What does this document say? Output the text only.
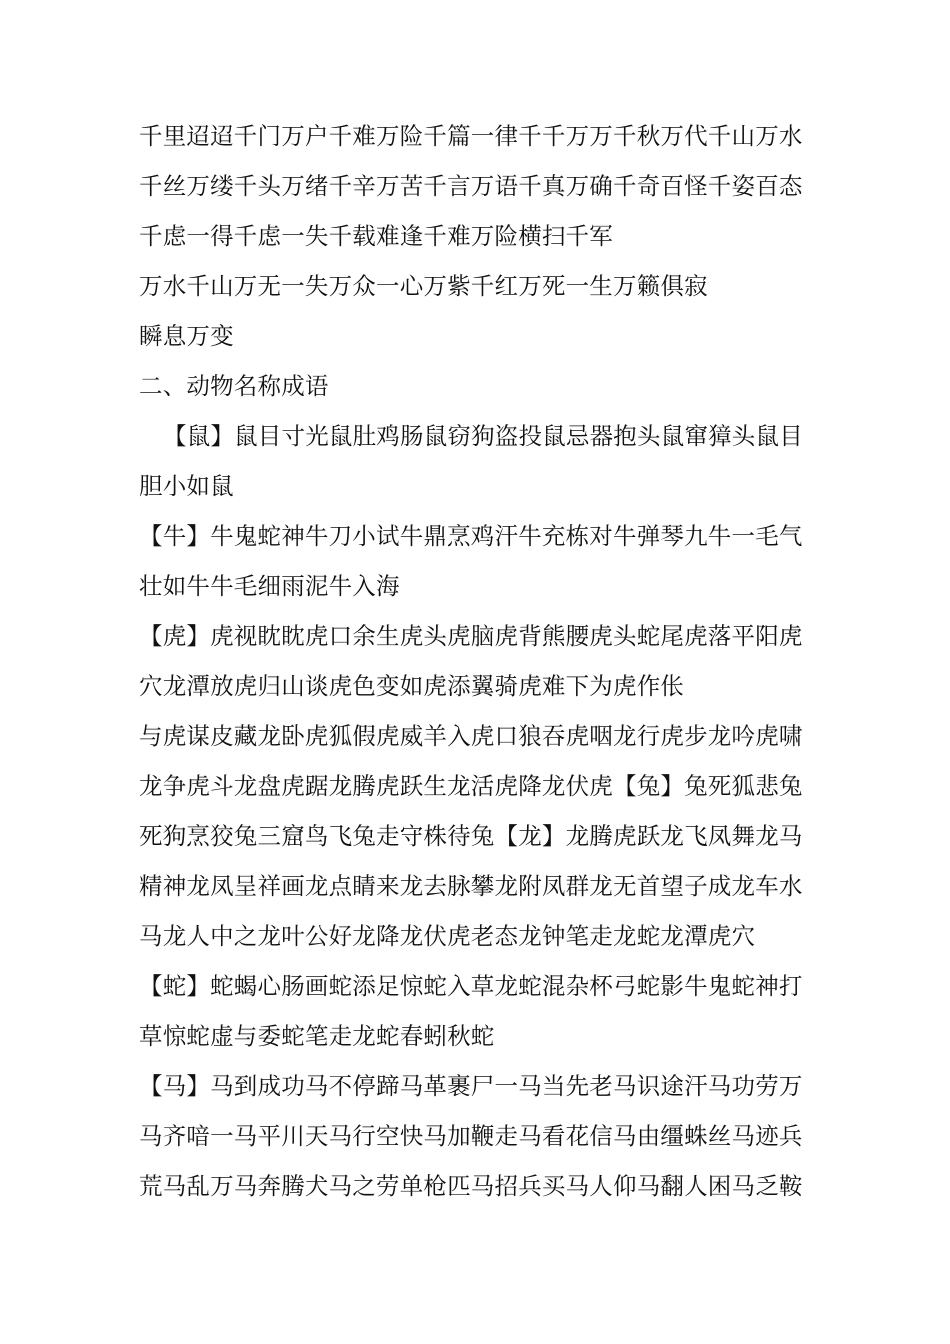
千里迢迢千门万户千难万险千篇一律千千万万千秋万代千山万水
千丝万缕千头万绪千辛万苦千言万语千真万确千奇百怪千姿百态
千虑一得千虑一失千载难逢千难万险横扫千军
万水千山万无一失万众一心万紫千红万死一生万籁俱寂
瞬息万变
二、动物名称成语
【鼠】鼠目寸光鼠肚鸡肠鼠窃狗盗投鼠忌器抱头鼠窜獐头鼠目
胆小如鼠
【牛】牛鬼蛇神牛刀小试牛鼎烹鸡汗牛充栋对牛弹琴九牛一毛气
壮如牛牛毛细雨泥牛入海
【虎】虎视眈眈虎口余生虎头虎脑虎背熊腰虎头蛇尾虎落平阳虎
穴龙潭放虎归山谈虎色变如虎添翼骑虎难下为虎作伥
与虎谋皮藏龙卧虎狐假虎威羊入虎口狼吞虎咽龙行虎步龙吟虎啸
龙争虎斗龙盘虎踞龙腾虎跃生龙活虎降龙伏虎【兔】兔死狐悲兔
死狗烹狡兔三窟鸟飞兔走守株待兔【龙】龙腾虎跃龙飞凤舞龙马
精神龙凤呈祥画龙点睛来龙去脉攀龙附凤群龙无首望子成龙车水
马龙人中之龙叶公好龙降龙伏虎老态龙钟笔走龙蛇龙潭虎穴
【蛇】蛇蝎心肠画蛇添足惊蛇入草龙蛇混杂杯弓蛇影牛鬼蛇神打
草惊蛇虚与委蛇笔走龙蛇春蚓秋蛇
【马】马到成功马不停蹄马革裹尸一马当先老马识途汗马功劳万
马齐喑一马平川天马行空快马加鞭走马看花信马由缰蛛丝马迹兵
荒马乱万马奔腾犬马之劳单枪匹马招兵买马人仰马翻人困马乏鞍
